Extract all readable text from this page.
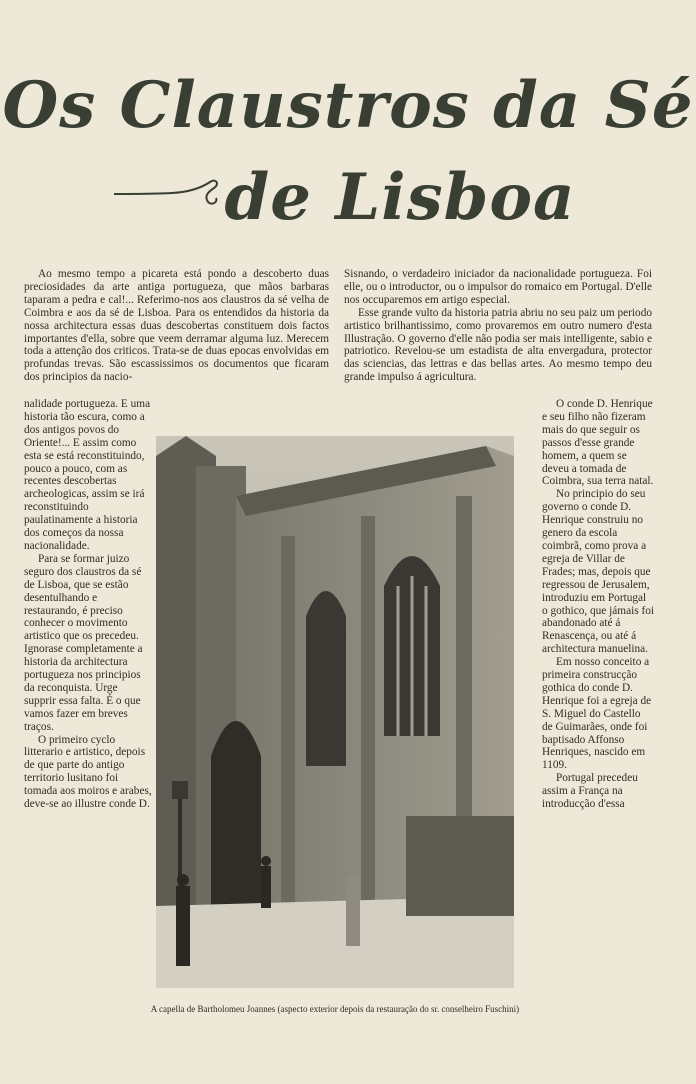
Os Claustros da Sé
de Lisboa

Ao mesmo tempo a picareta está pondo a descoberto duas preciosidades da arte antiga portugueza, que mãos barbaras taparam a pedra e cal!... Referimo-nos aos claustros da sé velha de Coimbra e aos da sé de Lisboa. Para os entendidos da historia da nossa architectura essas duas descobertas constituem dois factos importantes d'ella, sobre que veem derramar alguma luz. Merecem toda a attenção dos criticos. Trata-se de duas epocas envolvidas em profundas trevas. São escassissimos os documentos que ficaram dos principios da nacio-

nalidade portugueza. E uma historia tão escura, como a dos antigos povos do Oriente!... E assim como esta se está reconstituindo, pouco a pouco, com as recentes descobertas archeologicas, assim se irá reconstituindo paulatinamente a historia dos começos da nossa nacionalidade.

Para se formar juizo seguro dos claustros da sé de Lisboa, que se estão desentulhando e restaurando, é preciso conhecer o movimento artistico que os precedeu. Ignorase completamente a historia da architectura portugueza nos principios da reconquista. Urge supprir essa falta. É o que vamos fazer em breves traços.

O primeiro cyclo litterario e artistico, depois de que parte do antigo territorio lusitano foi tomada aos moiros e arabes, deve-se ao illustre conde D.

Sisnando, o verdadeiro iniciador da nacionalidade portugueza. Foi elle, ou o introductor, ou o impulsor do romaico em Portugal. D'elle nos occuparemos em artigo especial.

Esse grande vulto da historia patria abriu no seu paiz um periodo artistico brilhantissimo, como provaremos em outro numero d'esta Illustração. O governo d'elle não podia ser mais intelligente, sabio e patriotico. Revelou-se um estadista de alta envergadura, protector das sciencias, das lettras e das bellas artes. Ao mesmo tempo deu grande impulso á agricultura.

O conde D. Henrique e seu filho não fizeram mais do que seguir os passos d'esse grande homem, a quem se deveu a tomada de Coimbra, sua terra natal.

No principio do seu governo o conde D. Henrique construiu no genero da escola coimbrã, como prova a egreja de Villar de Frades; mas, depois que regressou de Jerusalem, introduziu em Portugal o gothico, que jámais foi abandonado até á Renascença, ou até á architectura manuelina.

Em nosso conceito a primeira construcção gothica do conde D. Henrique foi a egreja de S. Miguel do Castello de Guimarães, onde foi baptisado Affonso Henriques, nascido em 1109.

Portugal precedeu assim a França na introducção d'essa

A capella de Bartholomeu Joannes (aspecto exterior depois da restauração do sr. conselheiro Fuschini)
